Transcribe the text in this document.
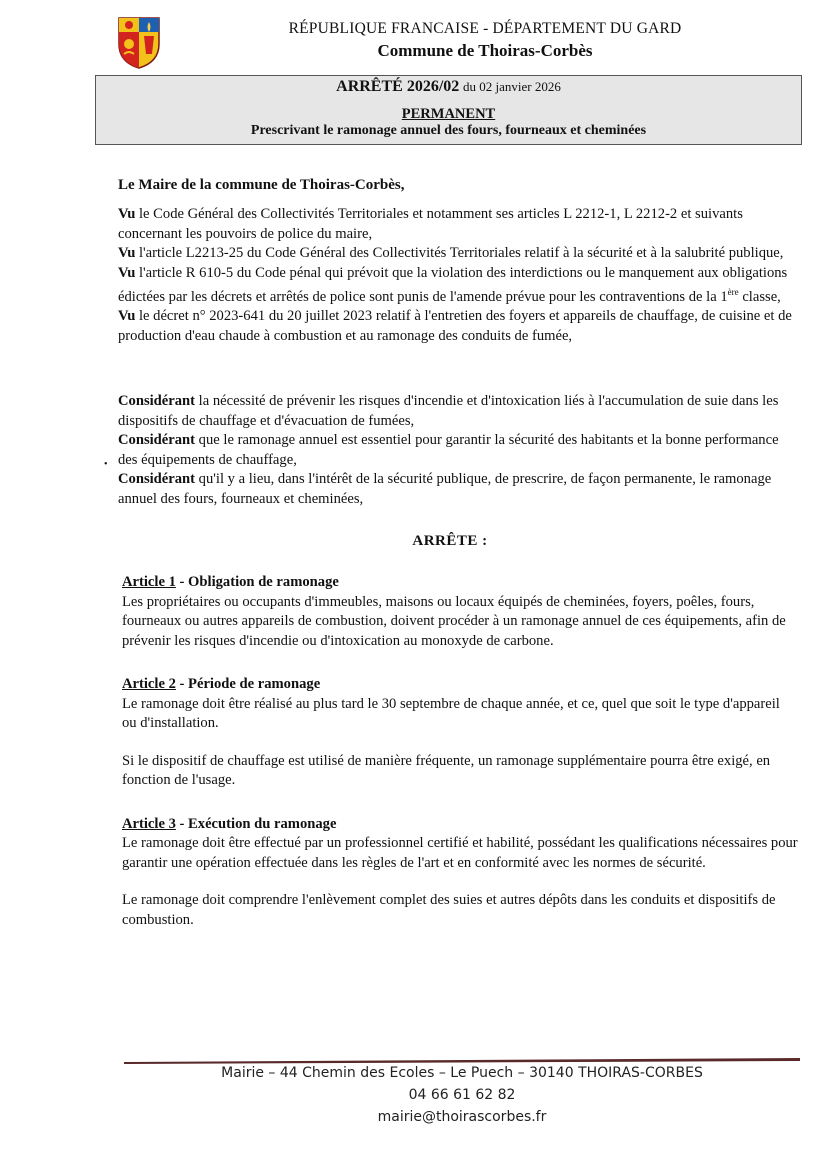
RÉPUBLIQUE FRANCAISE - DÉPARTEMENT DU GARD
Commune de Thoiras-Corbès
ARRÊTÉ 2026/02 du 02 janvier 2026
PERMANENT
Prescrivant le ramonage annuel des fours, fourneaux et cheminées
Le Maire de la commune de Thoiras-Corbès,

Vu le Code Général des Collectivités Territoriales et notamment ses articles L 2212-1, L 2212-2 et suivants concernant les pouvoirs de police du maire,

Vu l'article L2213-25 du Code Général des Collectivités Territoriales relatif à la sécurité et à la salubrité publique,

Vu l'article R 610-5 du Code pénal qui prévoit que la violation des interdictions ou le manquement aux obligations édictées par les décrets et arrêtés de police sont punis de l'amende prévue pour les contraventions de la 1ère classe,

Vu le décret n° 2023-641 du 20 juillet 2023 relatif à l'entretien des foyers et appareils de chauffage, de cuisine et de production d'eau chaude à combustion et au ramonage des conduits de fumée,

Considérant la nécessité de prévenir les risques d'incendie et d'intoxication liés à l'accumulation de suie dans les dispositifs de chauffage et d'évacuation de fumées,

Considérant que le ramonage annuel est essentiel pour garantir la sécurité des habitants et la bonne performance des équipements de chauffage,

Considérant qu'il y a lieu, dans l'intérêt de la sécurité publique, de prescrire, de façon permanente, le ramonage annuel des fours, fourneaux et cheminées,

•
ARRÊTE :

Article 1 - Obligation de ramonage

Les propriétaires ou occupants d'immeubles, maisons ou locaux équipés de cheminées, foyers, poêles, fours, fourneaux ou autres appareils de combustion, doivent procéder à un ramonage annuel de ces équipements, afin de prévenir les risques d'incendie ou d'intoxication au monoxyde de carbone.

Article 2 - Période de ramonage

Le ramonage doit être réalisé au plus tard le 30 septembre de chaque année, et ce, quel que soit le type d'appareil ou d'installation.

Si le dispositif de chauffage est utilisé de manière fréquente, un ramonage supplémentaire pourra être exigé, en fonction de l'usage.

Article 3 - Exécution du ramonage

Le ramonage doit être effectué par un professionnel certifié et habilité, possédant les qualifications nécessaires pour garantir une opération effectuée dans les règles de l'art et en conformité avec les normes de sécurité.

Le ramonage doit comprendre l'enlèvement complet des suies et autres dépôts dans les conduits et dispositifs de combustion.

Mairie – 44 Chemin des Ecoles – Le Puech – 30140 THOIRAS-CORBES
04 66 61 62 82
mairie@thoirascorbes.fr
